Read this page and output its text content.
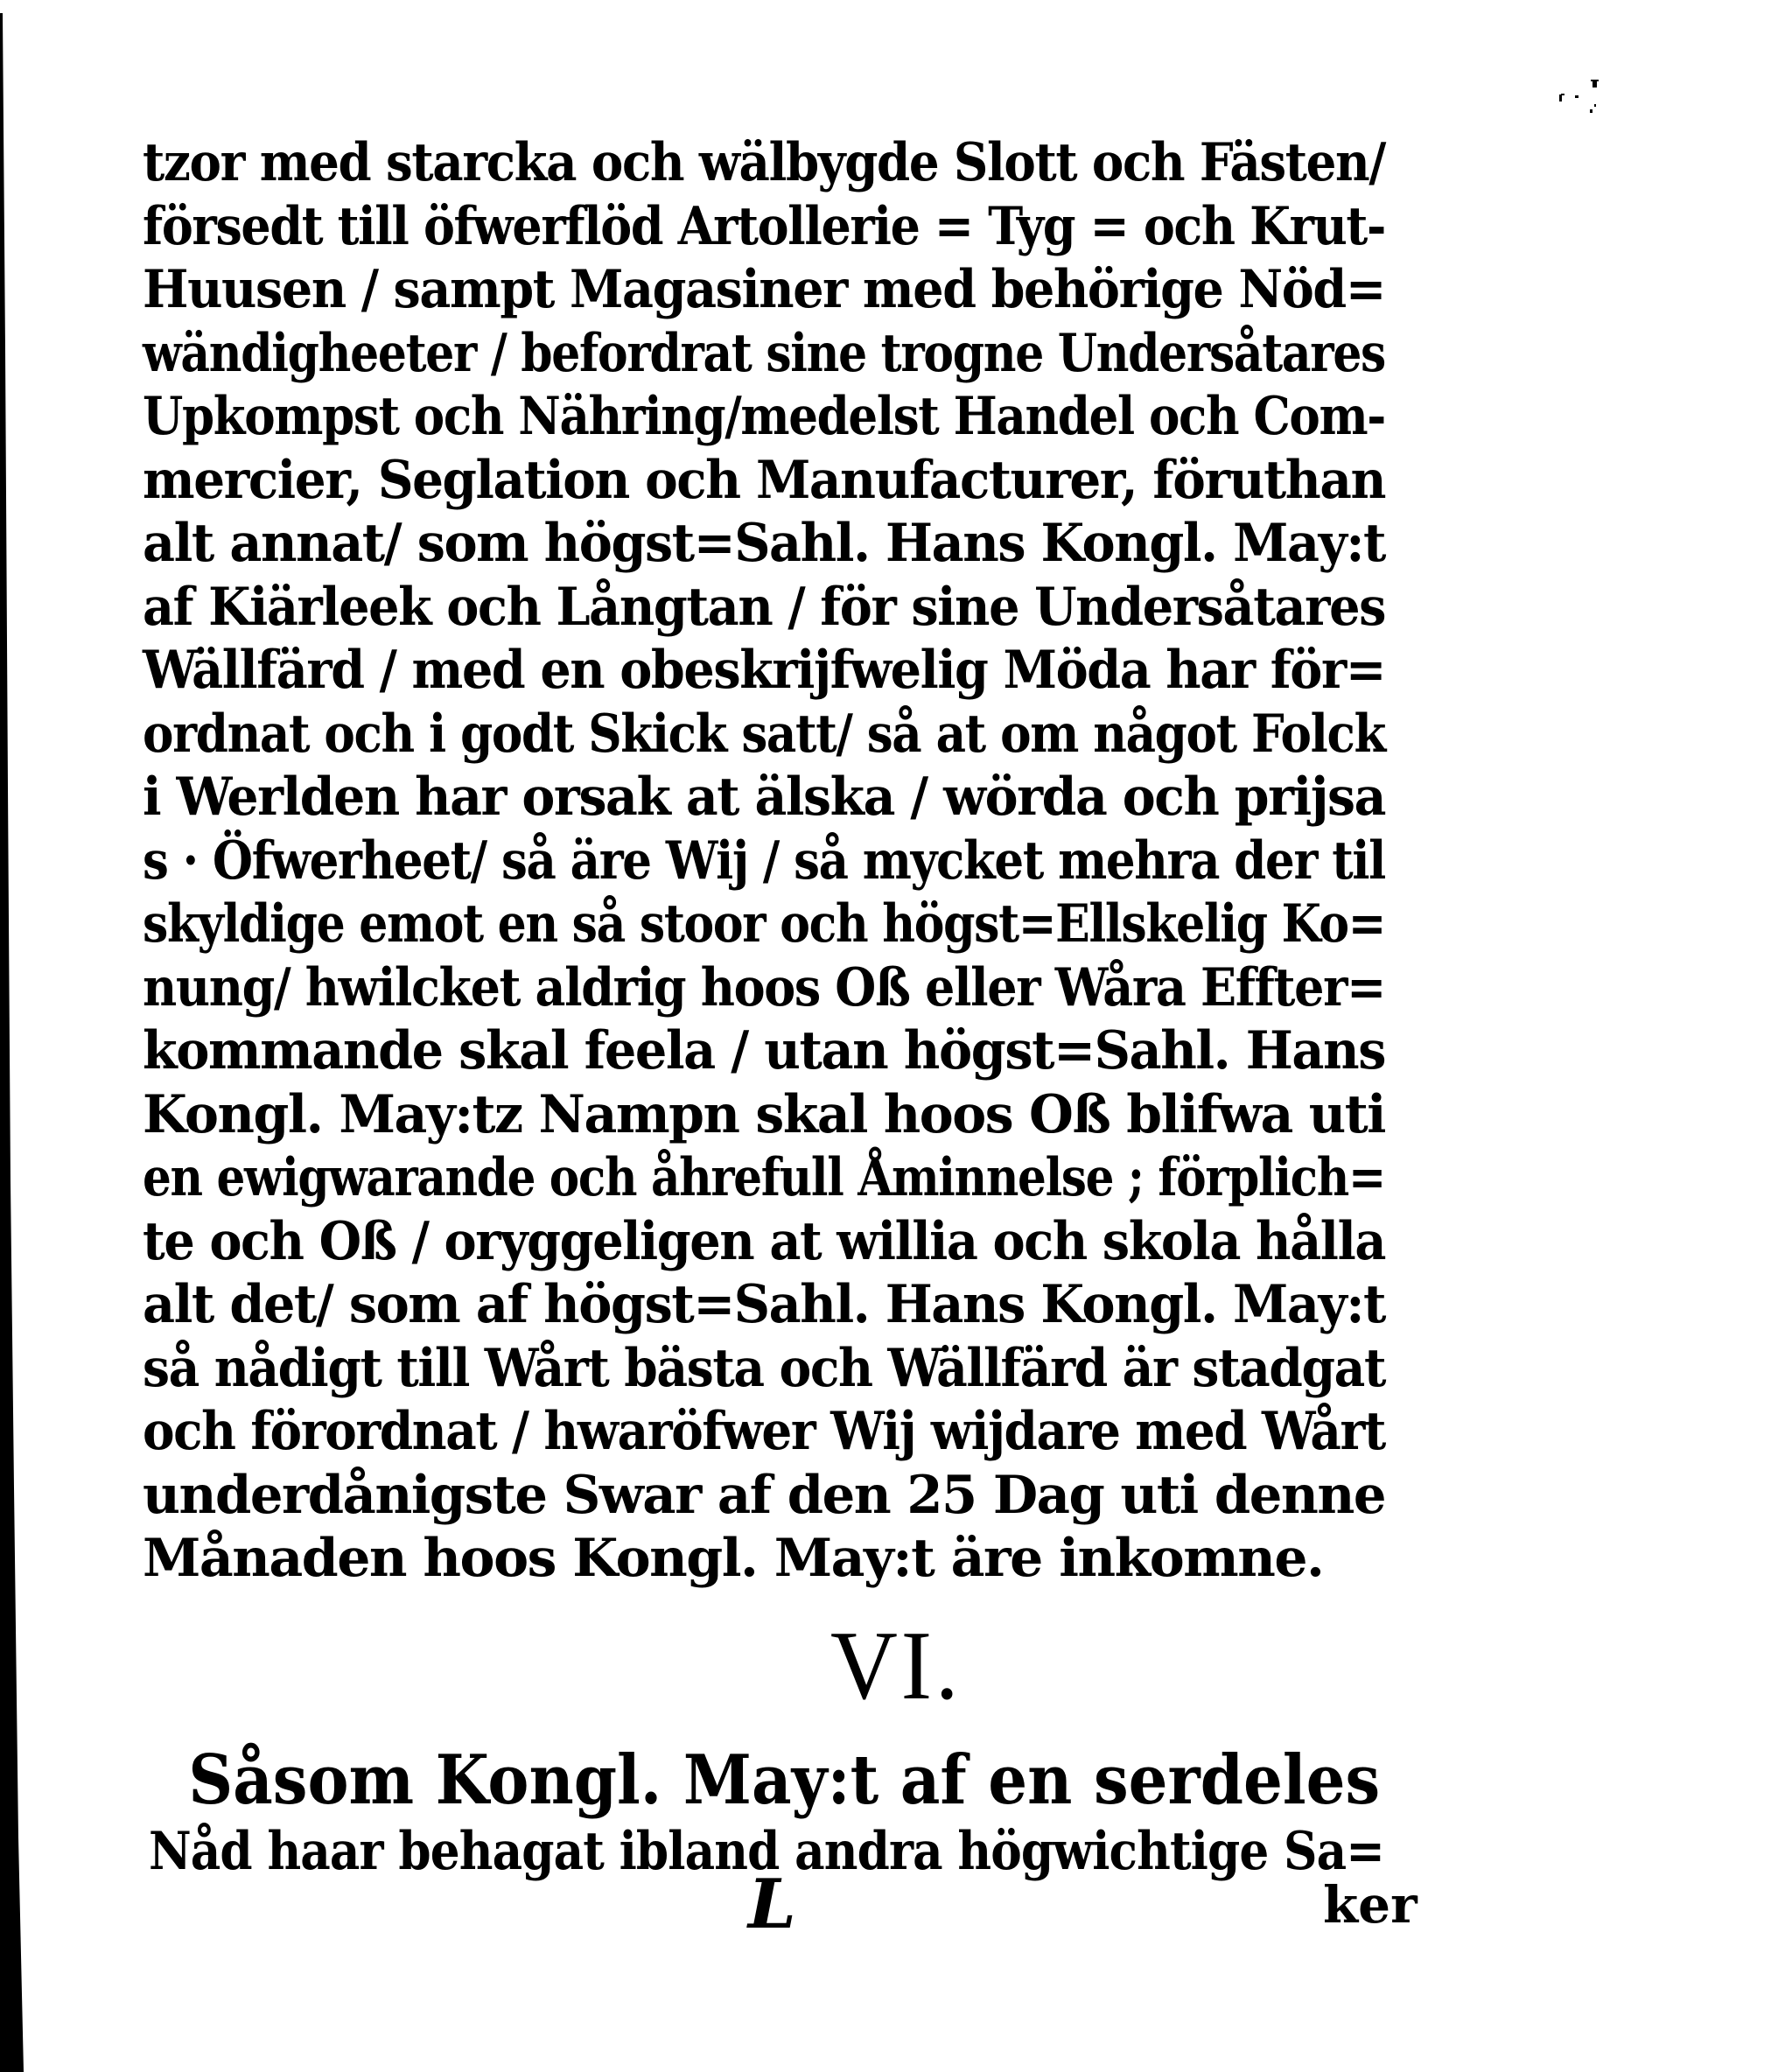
tzor med starcka och wälbygde Slott och Fästen/
försedt till öfwerflöd Artollerie = Tyg = och Krut-
Huusen / sampt Magasiner med behörige Nöd=
wändigheeter / befordrat sine trogne Undersåtares
Upkompst och Nähring/medelst Handel och Com-
mercier, Seglation och Manufacturer, föruthan
alt annat/ som högst=Sahl. Hans Kongl. May:t
af Kiärleek och Långtan / för sine Undersåtares
Wällfärd / med en obeskrijfwelig Möda har för=
ordnat och i godt Skick satt/ så at om något Folck
i Werlden har orsak at älska / wörda och prijsa
s · Öfwerheet/ så äre Wij / så mycket mehra der til
skyldige emot en så stoor och högst=Ellskelig Ko=
nung/ hwilcket aldrig hoos Oß eller Wåra Effter=
kommande skal feela / utan högst=Sahl. Hans
Kongl. May:tz Nampn skal hoos Oß blifwa uti
en ewigwarande och åhrefull Åminnelse ; förplich=
te och Oß / oryggeligen at willia och skola hålla
alt det/ som af högst=Sahl. Hans Kongl. May:t
så nådigt till Wårt bästa och Wällfärd är stadgat
och förordnat / hwaröfwer Wij wijdare med Wårt
underdånigste Swar af den 25 Dag uti denne
Månaden hoos Kongl. May:t äre inkomne.
VI.
Såsom Kongl. May:t af en serdeles
Nåd haar behagat ibland andra högwichtige Sa=
L	ker
